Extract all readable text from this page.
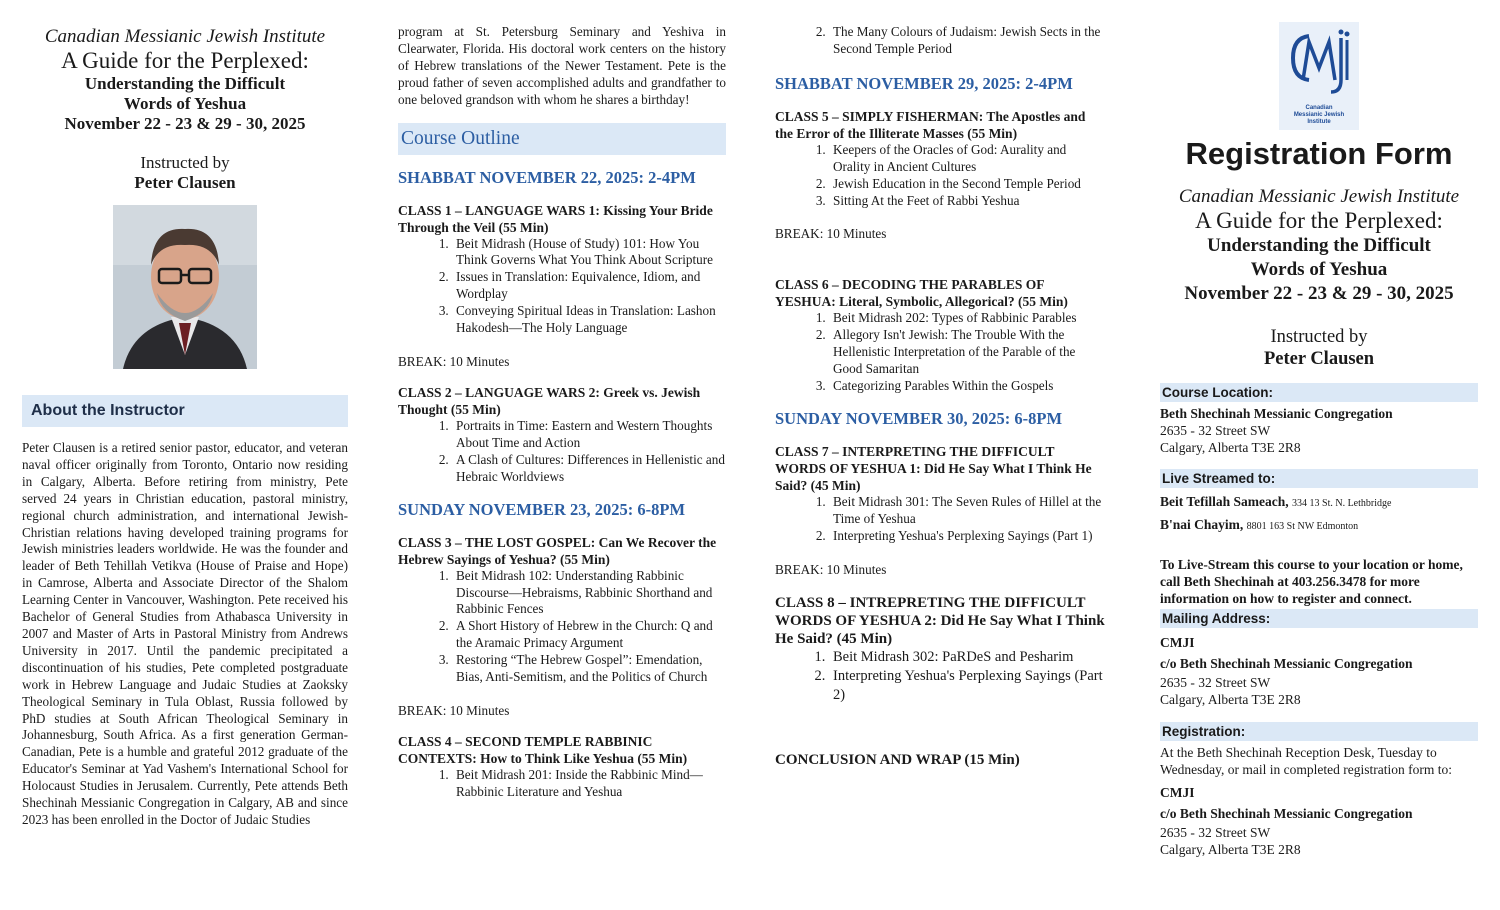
Canadian Messianic Jewish Institute
A Guide for the Perplexed:
Understanding the Difficult
Words of Yeshua
November 22 - 23 & 29 - 30, 2025
Instructed by
Peter Clausen
About the Instructor
Peter Clausen is a retired senior pastor, educator, and veteran naval officer originally from Toronto, Ontario now residing in Calgary, Alberta. Before retiring from ministry, Pete served 24 years in Christian education, pastoral ministry, regional church administration, and international Jewish-Christian relations having developed training programs for Jewish ministries leaders worldwide. He was the founder and leader of Beth Tehillah Vetikva (House of Praise and Hope) in Camrose, Alberta and Associate Director of the Shalom Learning Center in Vancouver, Washington. Pete received his Bachelor of General Studies from Athabasca University in 2007 and Master of Arts in Pastoral Ministry from Andrews University in 2017. Until the pandemic precipitated a discontinuation of his studies, Pete completed postgraduate work in Hebrew Language and Judaic Studies at Zaoksky Theological Seminary in Tula Oblast, Russia followed by PhD studies at South African Theological Seminary in Johannesburg, South Africa. As a first generation German-Canadian, Pete is a humble and grateful 2012 graduate of the Educator's Seminar at Yad Vashem's International School for Holocaust Studies in Jerusalem. Currently, Pete attends Beth Shechinah Messianic Congregation in Calgary, AB and since 2023 has been enrolled in the Doctor of Judaic Studies
program at St. Petersburg Seminary and Yeshiva in Clearwater, Florida. His doctoral work centers on the history of Hebrew translations of the Newer Testament. Pete is the proud father of seven accomplished adults and grandfather to one beloved grandson with whom he shares a birthday!
Course Outline
SHABBAT NOVEMBER 22, 2025: 2-4PM
CLASS 1 – LANGUAGE WARS 1: Kissing Your Bride Through the Veil (55 Min)
1. Beit Midrash (House of Study) 101: How You Think Governs What You Think About Scripture
2. Issues in Translation: Equivalence, Idiom, and Wordplay
3. Conveying Spiritual Ideas in Translation: Lashon Hakodesh—The Holy Language
BREAK: 10 Minutes
CLASS 2 – LANGUAGE WARS 2: Greek vs. Jewish Thought (55 Min)
1. Portraits in Time: Eastern and Western Thoughts About Time and Action
2. A Clash of Cultures: Differences in Hellenistic and Hebraic Worldviews
SUNDAY NOVEMBER 23, 2025: 6-8PM
CLASS 3 – THE LOST GOSPEL: Can We Recover the Hebrew Sayings of Yeshua? (55 Min)
1. Beit Midrash 102: Understanding Rabbinic Discourse—Hebraisms, Rabbinic Shorthand and Rabbinic Fences
2. A Short History of Hebrew in the Church: Q and the Aramaic Primacy Argument
3. Restoring “The Hebrew Gospel”: Emendation, Bias, Anti-Semitism, and the Politics of Church
BREAK: 10 Minutes
CLASS 4 – SECOND TEMPLE RABBINIC CONTEXTS: How to Think Like Yeshua (55 Min)
1. Beit Midrash 201: Inside the Rabbinic Mind—Rabbinic Literature and Yeshua
2. The Many Colours of Judaism: Jewish Sects in the Second Temple Period
SHABBAT NOVEMBER 29, 2025: 2-4PM
CLASS 5 – SIMPLY FISHERMAN: The Apostles and the Error of the Illiterate Masses (55 Min)
1. Keepers of the Oracles of God: Aurality and Orality in Ancient Cultures
2. Jewish Education in the Second Temple Period
3. Sitting At the Feet of Rabbi Yeshua
BREAK: 10 Minutes
CLASS 6 – DECODING THE PARABLES OF YESHUA: Literal, Symbolic, Allegorical? (55 Min)
1. Beit Midrash 202: Types of Rabbinic Parables
2. Allegory Isn't Jewish: The Trouble With the Hellenistic Interpretation of the Parable of the Good Samaritan
3. Categorizing Parables Within the Gospels
SUNDAY NOVEMBER 30, 2025: 6-8PM
CLASS 7 – INTERPRETING THE DIFFICULT WORDS OF YESHUA 1: Did He Say What I Think He Said? (45 Min)
1. Beit Midrash 301: The Seven Rules of Hillel at the Time of Yeshua
2. Interpreting Yeshua's Perplexing Sayings (Part 1)
BREAK: 10 Minutes
CLASS 8 – INTREPRETING THE DIFFICULT WORDS OF YESHUA 2: Did He Say What I Think He Said? (45 Min)
1. Beit Midrash 302: PaRDeS and Pesharim
2. Interpreting Yeshua's Perplexing Sayings (Part 2)
CONCLUSION AND WRAP (15 Min)
Canadian
Messianic Jewish
Institute
Registration Form
Canadian Messianic Jewish Institute
A Guide for the Perplexed:
Understanding the Difficult
Words of Yeshua
November 22 - 23 & 29 - 30, 2025
Instructed by
Peter Clausen
Course Location:
Beth Shechinah Messianic Congregation
2635 - 32 Street SW
Calgary, Alberta T3E 2R8
Live Streamed to:
Beit Tefillah Sameach, 334 13 St. N. Lethbridge
B'nai Chayim, 8801 163 St NW Edmonton
To Live-Stream this course to your location or home, call Beth Shechinah at 403.256.3478 for more information on how to register and connect.
Mailing Address:
CMJI
c/o Beth Shechinah Messianic Congregation
2635 - 32 Street SW
Calgary, Alberta T3E 2R8
Registration:
At the Beth Shechinah Reception Desk, Tuesday to Wednesday, or mail in completed registration form to:
CMJI
c/o Beth Shechinah Messianic Congregation
2635 - 32 Street SW
Calgary, Alberta T3E 2R8
